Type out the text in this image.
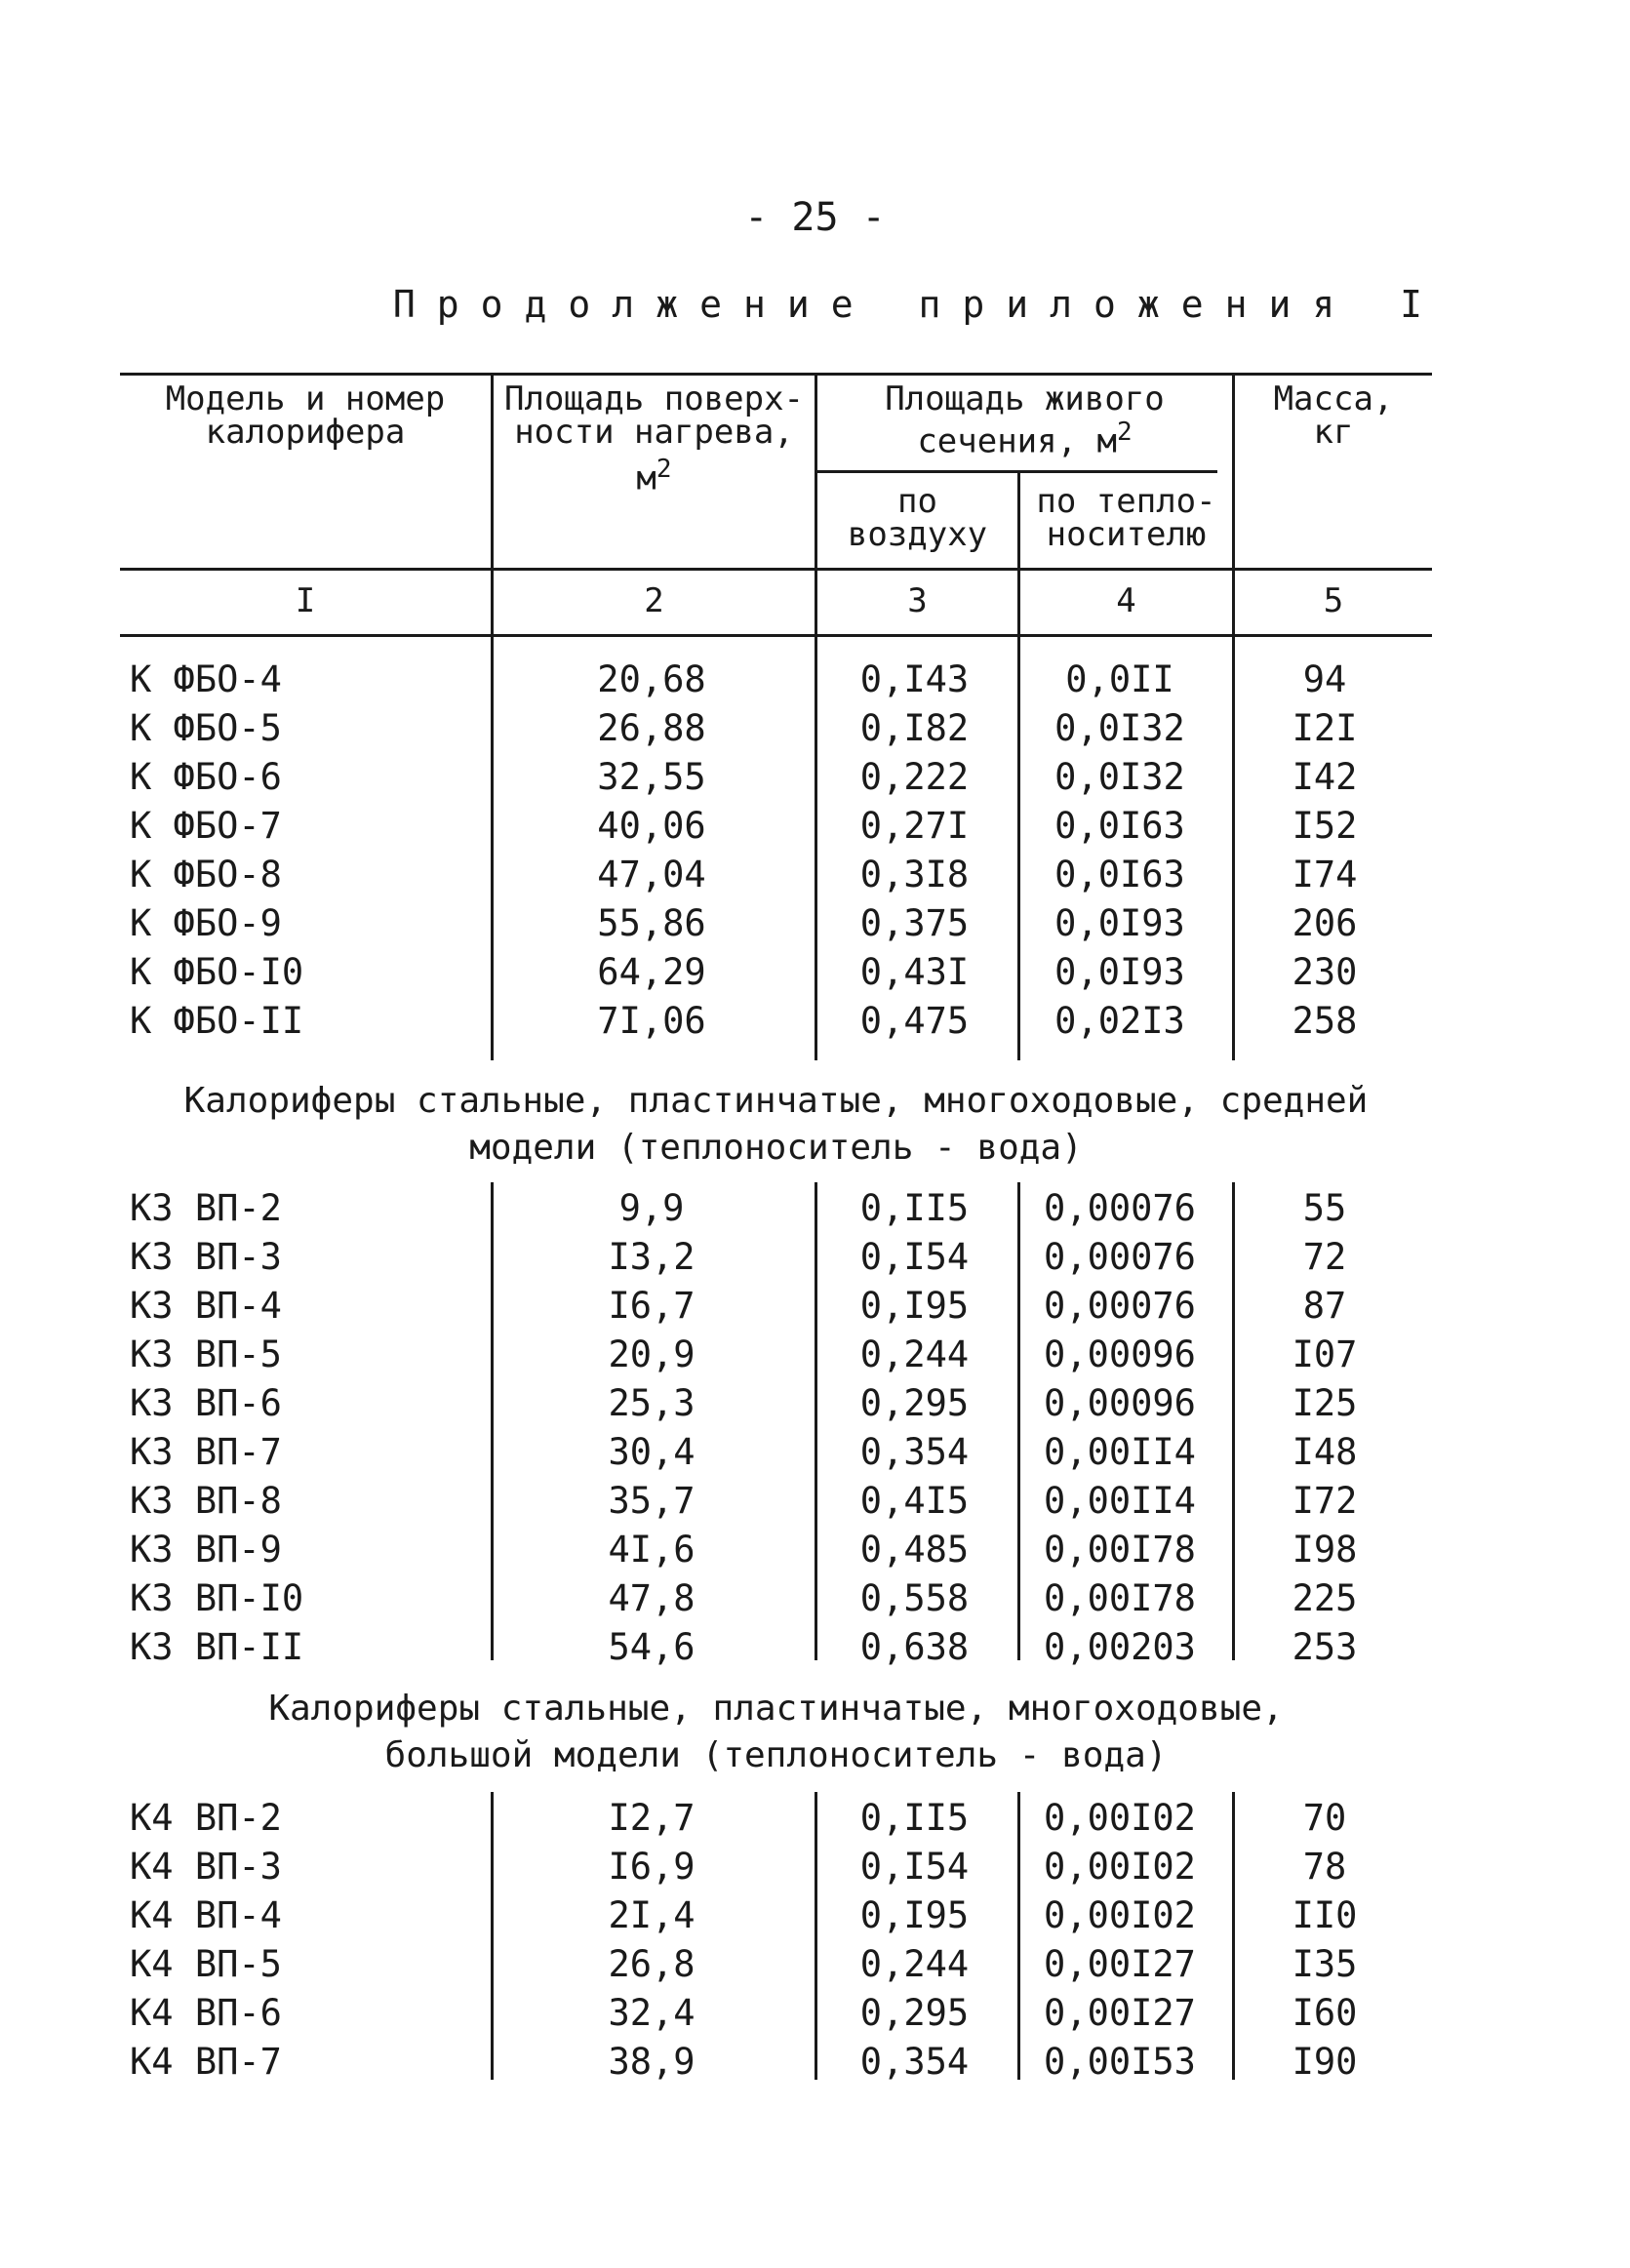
- 25 -
Продолжение приложения I
Модель и номер
калорифера
Площадь поверх-
ности нагрева,
$м^2$
Площадь живого
сечения, $м^2$
по
воздуху
по тепло-
носителю
Масса,
кг
I	2	3	4	5
К ФБО-4	20,68	0,I43	0,0II	94
К ФБО-5	26,88	0,I82	0,0I32	I2I
К ФБО-6	32,55	0,222	0,0I32	I42
К ФБО-7	40,06	0,27I	0,0I63	I52
К ФБО-8	47,04	0,3I8	0,0I63	I74
К ФБО-9	55,86	0,375	0,0I93	206
К ФБО-I0	64,29	0,43I	0,0I93	230
К ФБО-II	7I,06	0,475	0,02I3	258
Калориферы стальные, пластинчатые, многоходовые, средней
модели (теплоноситель - вода)
К3 ВП-2	9,9	0,II5	0,00076	55
К3 ВП-3	I3,2	0,I54	0,00076	72
К3 ВП-4	I6,7	0,I95	0,00076	87
К3 ВП-5	20,9	0,244	0,00096	I07
К3 ВП-6	25,3	0,295	0,00096	I25
К3 ВП-7	30,4	0,354	0,00II4	I48
К3 ВП-8	35,7	0,4I5	0,00II4	I72
К3 ВП-9	4I,6	0,485	0,00I78	I98
К3 ВП-I0	47,8	0,558	0,00I78	225
К3 ВП-II	54,6	0,638	0,00203	253
Калориферы стальные, пластинчатые, многоходовые,
большой модели (теплоноситель - вода)
К4 ВП-2	I2,7	0,II5	0,00I02	70
К4 ВП-3	I6,9	0,I54	0,00I02	78
К4 ВП-4	2I,4	0,I95	0,00I02	II0
К4 ВП-5	26,8	0,244	0,00I27	I35
К4 ВП-6	32,4	0,295	0,00I27	I60
К4 ВП-7	38,9	0,354	0,00I53	I90
